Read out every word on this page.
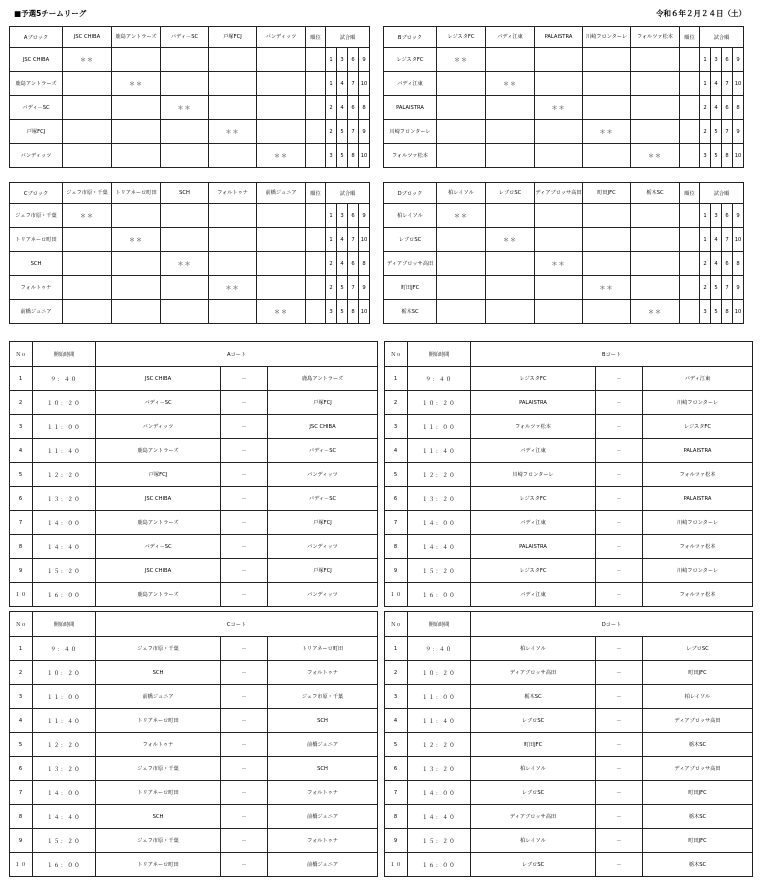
■予選5チームリーグ	令和６年２月２４日（土）
Aブロック	JSC CHIBA	鹿島アントラーズ	バディ－SC	戸塚FCJ	バンディッツ	順位	試合順			
JSC CHIBA	＊＊						1	3	6	9
鹿島アントラーズ		＊＊					1	4	7	10
バディ－SC			＊＊				2	4	6	8
戸塚FCJ				＊＊			2	5	7	9
バンディッツ					＊＊		3	5	8	10
Bブロック	レジスタFC	バディ江東	PALAISTRA	川崎フロンターレ	フォルツァ松本	順位	試合順			
レジスタFC	＊＊						1	3	6	9
バディ江東		＊＊					1	4	7	10
PALAISTRA			＊＊				2	4	6	8
川崎フロンターレ				＊＊			2	5	7	9
フォルツァ松本					＊＊		3	5	8	10
Cブロック	ジェフ市原・千葉	トリアネーロ町田	SCH	フォルトゥナ	前橋ジュニア	順位	試合順			
ジェフ市原・千葉	＊＊						1	3	6	9
トリアネーロ町田		＊＊					1	4	7	10
SCH			＊＊				2	4	6	8
フォルトゥナ				＊＊			2	5	7	9
前橋ジュニア					＊＊		3	5	8	10
Dブロック	柏レイソル	レブロSC	ディアブロッサ高田	町田JFC	栃木SC	順位	試合順			
柏レイソル	＊＊						1	3	6	9
レブロSC		＊＊					1	4	7	10
ディアブロッサ高田			＊＊				2	4	6	8
町田JFC				＊＊			2	5	7	9
栃木SC					＊＊		3	5	8	10
Ｎｏ	開始時間	Aコート		
1	９：４０	JSC CHIBA	－	鹿島アントラーズ
2	１０：２０	バディ－SC	－	戸塚FCJ
3	１１：００	バンディッツ	－	JSC CHIBA
4	１１：４０	鹿島アントラーズ	－	バディ－SC
5	１２：２０	戸塚FCJ	－	バンディッツ
6	１３：２０	JSC CHIBA	－	バディ－SC
7	１４：００	鹿島アントラーズ	－	戸塚FCJ
8	１４：４０	バディ－SC	－	バンディッツ
9	１５：２０	JSC CHIBA	－	戸塚FCJ
１０	１６：００	鹿島アントラーズ	－	バンディッツ
Ｎｏ	開始時間	Bコート		
1	９：４０	レジスタFC	－	バディ江東
2	１０：２０	PALAISTRA	－	川崎フロンターレ
3	１１：００	フォルツァ松本	－	レジスタFC
4	１１：４０	バディ江東	－	PALAISTRA
5	１２：２０	川崎フロンターレ	－	フォルツァ松本
6	１３：２０	レジスタFC	－	PALAISTRA
7	１４：００	バディ江東	－	川崎フロンターレ
8	１４：４０	PALAISTRA	－	フォルツァ松本
9	１５：２０	レジスタFC	－	川崎フロンターレ
１０	１６：００	バディ江東	－	フォルツァ松本
Ｎｏ	開始時間	Cコート		
1	９：４０	ジェフ市原・千葉	－	トリアネーロ町田
2	１０：２０	SCH	－	フォルトゥナ
3	１１：００	前橋ジュニア	－	ジェフ市原・千葉
4	１１：４０	トリアネーロ町田	－	SCH
5	１２：２０	フォルトゥナ	－	前橋ジュニア
6	１３：２０	ジェフ市原・千葉	－	SCH
7	１４：００	トリアネーロ町田	－	フォルトゥナ
8	１４：４０	SCH	－	前橋ジュニア
9	１５：２０	ジェフ市原・千葉	－	フォルトゥナ
１０	１６：００	トリアネーロ町田	－	前橋ジュニア
Ｎｏ	開始時間	Dコート		
1	９：４０	柏レイソル	－	レブロSC
2	１０：２０	ディアブロッサ高田	－	町田JFC
3	１１：００	栃木SC	－	柏レイソル
4	１１：４０	レブロSC	－	ディアブロッサ高田
5	１２：２０	町田JFC	－	栃木SC
6	１３：２０	柏レイソル	－	ディアブロッサ高田
7	１４：００	レブロSC	－	町田JFC
8	１４：４０	ディアブロッサ高田	－	栃木SC
9	１５：２０	柏レイソル	－	町田JFC
１０	１６：００	レブロSC	－	栃木SC
